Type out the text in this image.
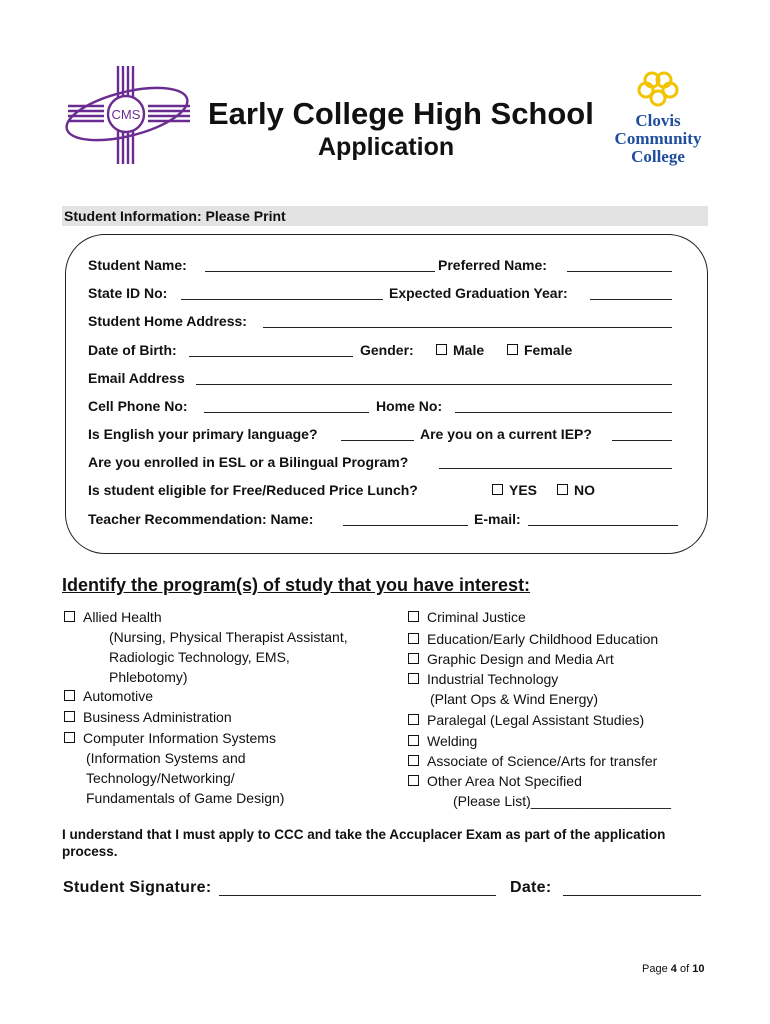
CMS Early College High School
Application
Clovis
Community
College
Student Information: Please Print
Student Name:	Preferred Name:
State ID No:	Expected Graduation Year:
Student Home Address:
Date of Birth:	Gender:	Male	Female
Email Address
Cell Phone No:	Home No:
Is English your primary language?	Are you on a current IEP?
Are you enrolled in ESL or a Bilingual Program?
Is student eligible for Free/Reduced Price Lunch?	YES	NO
Teacher Recommendation: Name:	E-mail:
Identify the program(s) of study that you have interest:
Allied Health
(Nursing, Physical Therapist Assistant,
Radiologic Technology, EMS,
Phlebotomy)
Automotive
Business Administration
Computer Information Systems
(Information Systems and
Technology/Networking/
Fundamentals of Game Design)
Criminal Justice
Education/Early Childhood Education
Graphic Design and Media Art
Industrial Technology
(Plant Ops & Wind Energy)
Paralegal (Legal Assistant Studies)
Welding
Associate of Science/Arts for transfer
Other Area Not Specified
(Please List)__________________
I understand that I must apply to CCC and take the Accuplacer Exam as part of the application process.
Student Signature:	Date:
Page 4 of 10
